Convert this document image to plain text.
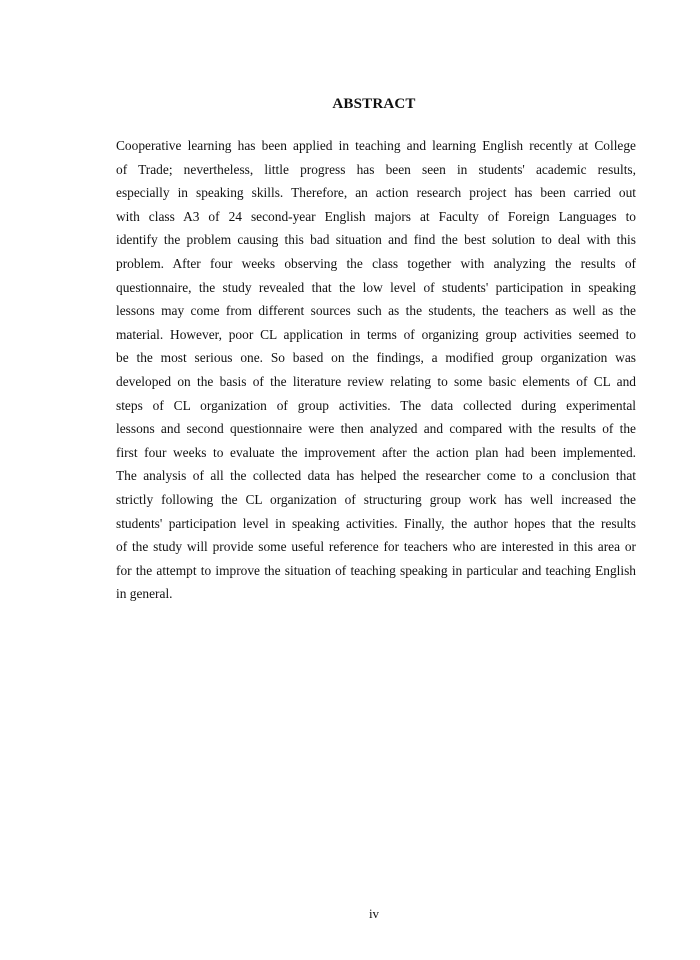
ABSTRACT
Cooperative learning has been applied in teaching and learning English recently at College
of Trade; nevertheless, little progress has been seen in students' academic results,
especially in speaking skills. Therefore, an action research project has been carried out
with class A3 of 24 second-year English majors at Faculty of Foreign Languages to
identify the problem causing this bad situation and find the best solution to deal with this
problem. After four weeks observing the class together with analyzing the results of
questionnaire, the study revealed that the low level of students' participation in speaking
lessons may come from different sources such as the students, the teachers as well as the
material. However, poor CL application in terms of organizing group activities seemed to
be the most serious one. So based on the findings, a modified group organization was
developed on the basis of the literature review relating to some basic elements of CL and
steps of CL organization of group activities. The data collected during experimental
lessons and second questionnaire were then analyzed and compared with the results of the
first four weeks to evaluate the improvement after the action plan had been implemented.
The analysis of all the collected data has helped the researcher come to a conclusion that
strictly following the CL organization of structuring group work has well increased the
students' participation level in speaking activities. Finally, the author hopes that the results
of the study will provide some useful reference for teachers who are interested in this area or
for the attempt to improve the situation of teaching speaking in particular and teaching English
in general.
iv
